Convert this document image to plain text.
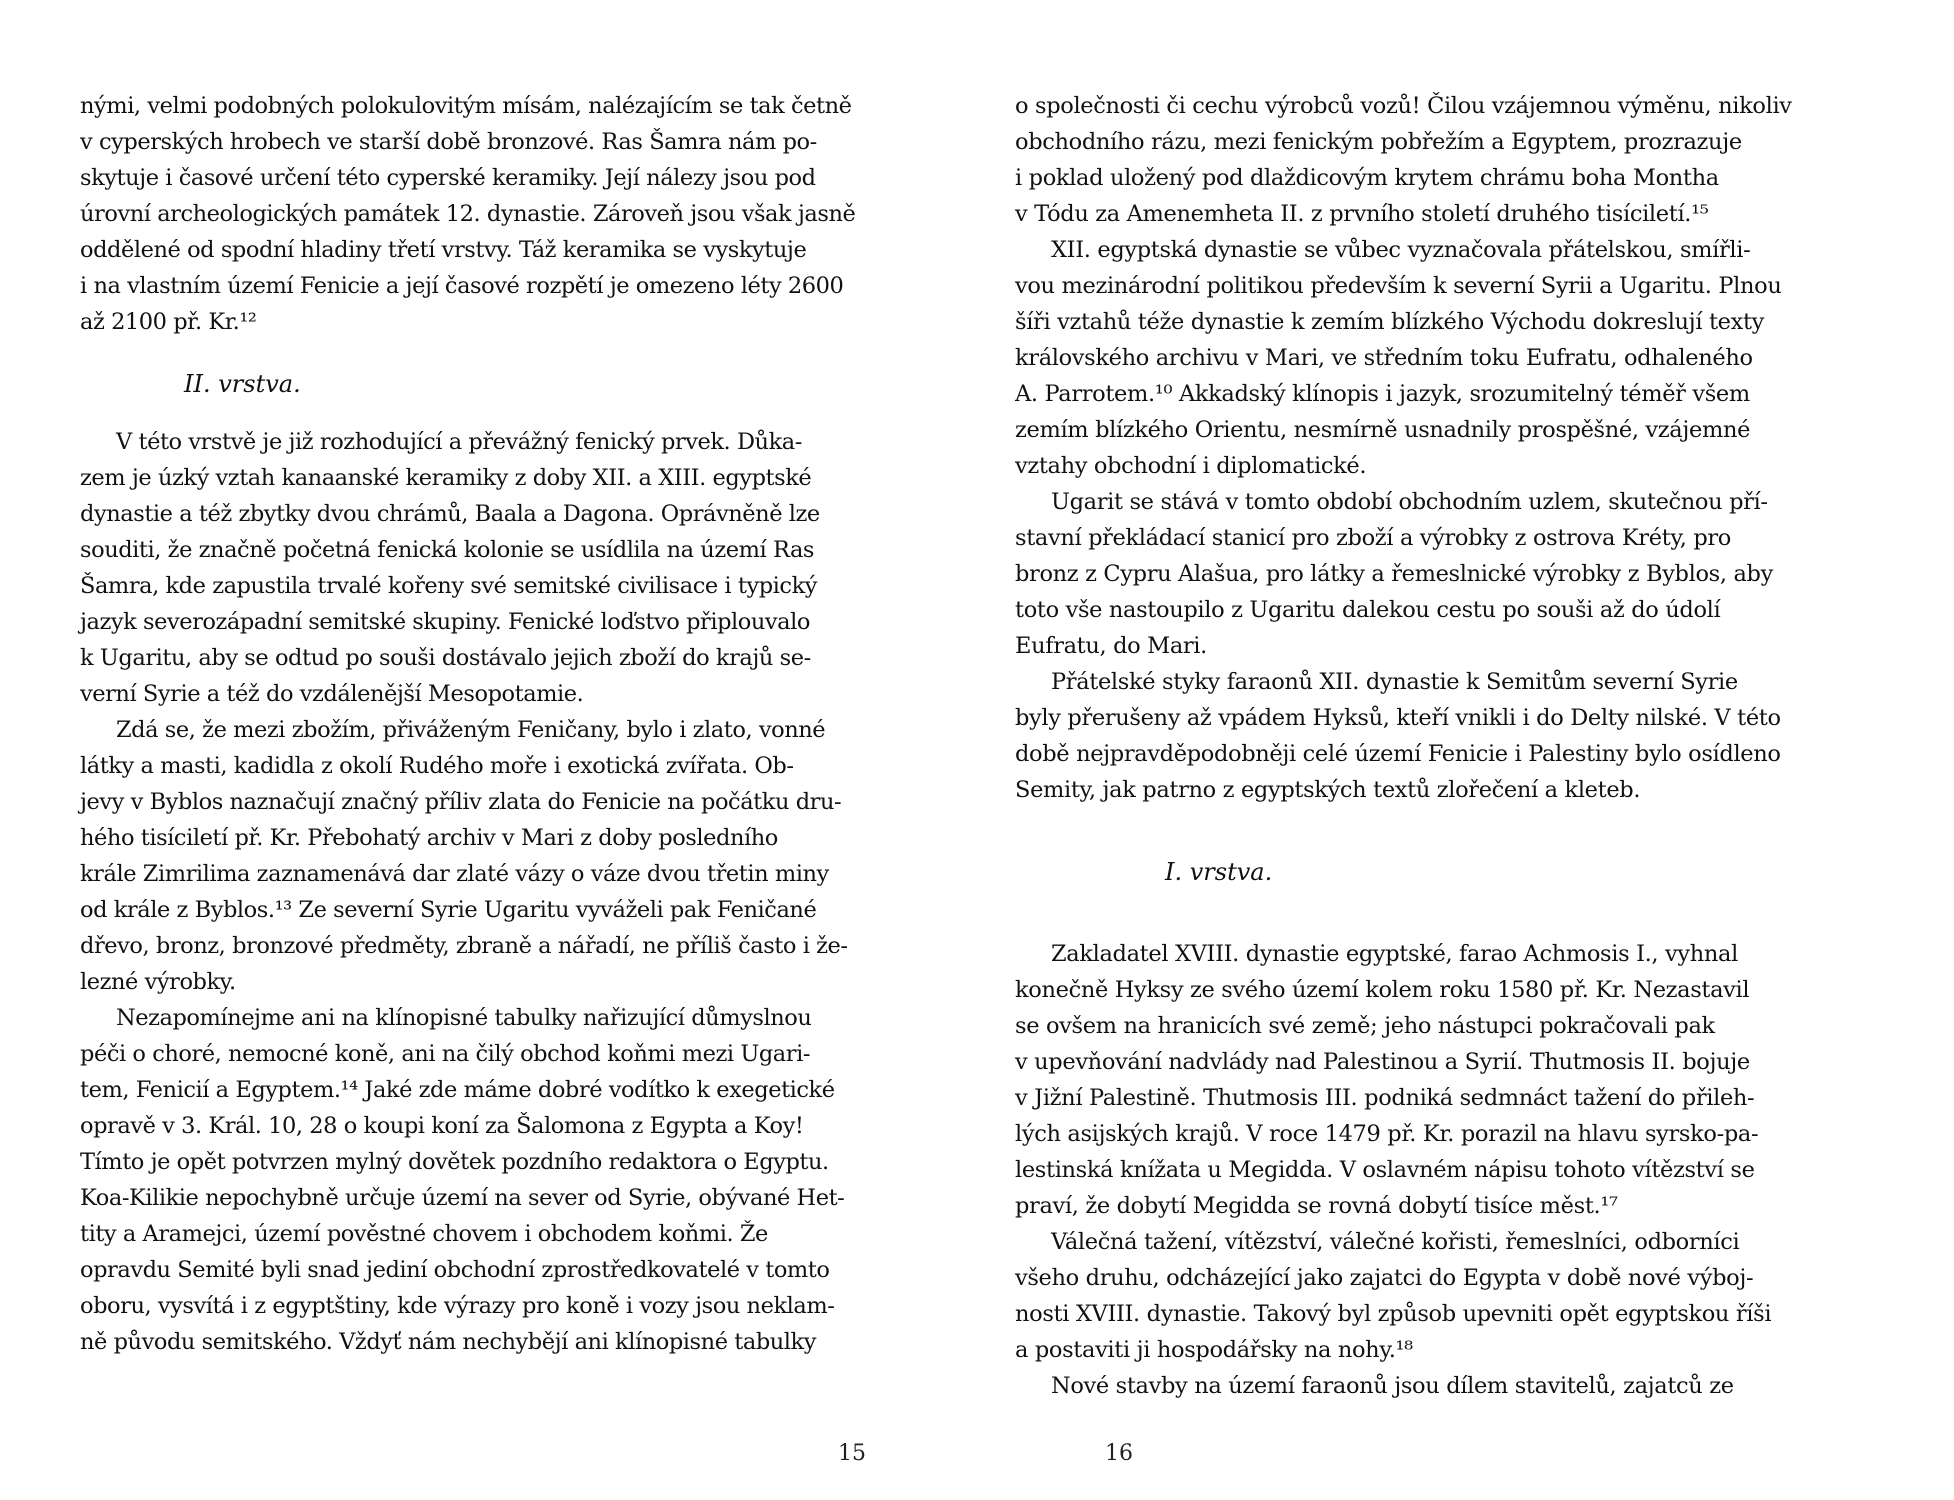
nými, velmi podobných polokulovitým mísám, nalézajícím se tak četně
v cyperských hrobech ve starší době bronzové. Ras Šamra nám po-
skytuje i časové určení této cyperské keramiky. Její nálezy jsou pod
úrovní archeologických památek 12. dynastie. Zároveň jsou však jasně
oddělené od spodní hladiny třetí vrstvy. Táž keramika se vyskytuje
i na vlastním území Fenicie a její časové rozpětí je omezeno léty 2600
až 2100 př. Kr.¹²
II. vrstva.
V této vrstvě je již rozhodující a převážný fenický prvek. Důka-
zem je úzký vztah kanaanské keramiky z doby XII. a XIII. egyptské
dynastie a též zbytky dvou chrámů, Baala a Dagona. Oprávněně lze
souditi, že značně početná fenická kolonie se usídlila na území Ras
Šamra, kde zapustila trvalé kořeny své semitské civilisace i typický
jazyk severozápadní semitské skupiny. Fenické loďstvo připlouvalo
k Ugaritu, aby se odtud po souši dostávalo jejich zboží do krajů se-
verní Syrie a též do vzdálenější Mesopotamie.
Zdá se, že mezi zbožím, přiváženým Feničany, bylo i zlato, vonné
látky a masti, kadidla z okolí Rudého moře i exotická zvířata. Ob-
jevy v Byblos naznačují značný příliv zlata do Fenicie na počátku dru-
hého tisíciletí př. Kr. Přebohatý archiv v Mari z doby posledního
krále Zimrilima zaznamenává dar zlaté vázy o váze dvou třetin miny
od krále z Byblos.¹³ Ze severní Syrie Ugaritu vyváželi pak Feničané
dřevo, bronz, bronzové předměty, zbraně a nářadí, ne příliš často i že-
lezné výrobky.
Nezapomínejme ani na klínopisné tabulky nařizující důmyslnou
péči o choré, nemocné koně, ani na čilý obchod koňmi mezi Ugari-
tem, Fenicií a Egyptem.¹⁴ Jaké zde máme dobré vodítko k exegetické
opravě v 3. Král. 10, 28 o koupi koní za Šalomona z Egypta a Koy!
Tímto je opět potvrzen mylný dovětek pozdního redaktora o Egyptu.
Koa-Kilikie nepochybně určuje území na sever od Syrie, obývané Het-
tity a Aramejci, území pověstné chovem i obchodem koňmi. Že
opravdu Semité byli snad jediní obchodní zprostředkovatelé v tomto
oboru, vysvítá i z egyptštiny, kde výrazy pro koně i vozy jsou neklam-
ně původu semitského. Vždyť nám nechybějí ani klínopisné tabulky
o společnosti či cechu výrobců vozů! Čilou vzájemnou výměnu, nikoliv
obchodního rázu, mezi fenickým pobřežím a Egyptem, prozrazuje
i poklad uložený pod dlaždicovým krytem chrámu boha Montha
v Tódu za Amenemheta II. z prvního století druhého tisíciletí.¹⁵
XII. egyptská dynastie se vůbec vyznačovala přátelskou, smířli-
vou mezinárodní politikou především k severní Syrii a Ugaritu. Plnou
šíři vztahů téže dynastie k zemím blízkého Východu dokreslují texty
královského archivu v Mari, ve středním toku Eufratu, odhaleného
A. Parrotem.¹⁰ Akkadský klínopis i jazyk, srozumitelný téměř všem
zemím blízkého Orientu, nesmírně usnadnily prospěšné, vzájemné
vztahy obchodní i diplomatické.
Ugarit se stává v tomto období obchodním uzlem, skutečnou pří-
stavní překládací stanicí pro zboží a výrobky z ostrova Kréty, pro
bronz z Cypru Alašua, pro látky a řemeslnické výrobky z Byblos, aby
toto vše nastoupilo z Ugaritu dalekou cestu po souši až do údolí
Eufratu, do Mari.
Přátelské styky faraonů XII. dynastie k Semitům severní Syrie
byly přerušeny až vpádem Hyksů, kteří vnikli i do Delty nilské. V této
době nejpravděpodobněji celé území Fenicie i Palestiny bylo osídleno
Semity, jak patrno z egyptských textů zlořečení a kleteb.
I. vrstva.
Zakladatel XVIII. dynastie egyptské, farao Achmosis I., vyhnal
konečně Hyksy ze svého území kolem roku 1580 př. Kr. Nezastavil
se ovšem na hranicích své země; jeho nástupci pokračovali pak
v upevňování nadvlády nad Palestinou a Syrií. Thutmosis II. bojuje
v Jižní Palestině. Thutmosis III. podniká sedmnáct tažení do přileh-
lých asijských krajů. V roce 1479 př. Kr. porazil na hlavu syrsko-pa-
lestinská knížata u Megidda. V oslavném nápisu tohoto vítězství se
praví, že dobytí Megidda se rovná dobytí tisíce měst.¹⁷
Válečná tažení, vítězství, válečné kořisti, řemeslníci, odborníci
všeho druhu, odcházející jako zajatci do Egypta v době nové výboj-
nosti XVIII. dynastie. Takový byl způsob upevniti opět egyptskou říši
a postaviti ji hospodářsky na nohy.¹⁸
Nové stavby na území faraonů jsou dílem stavitelů, zajatců ze
15	16
